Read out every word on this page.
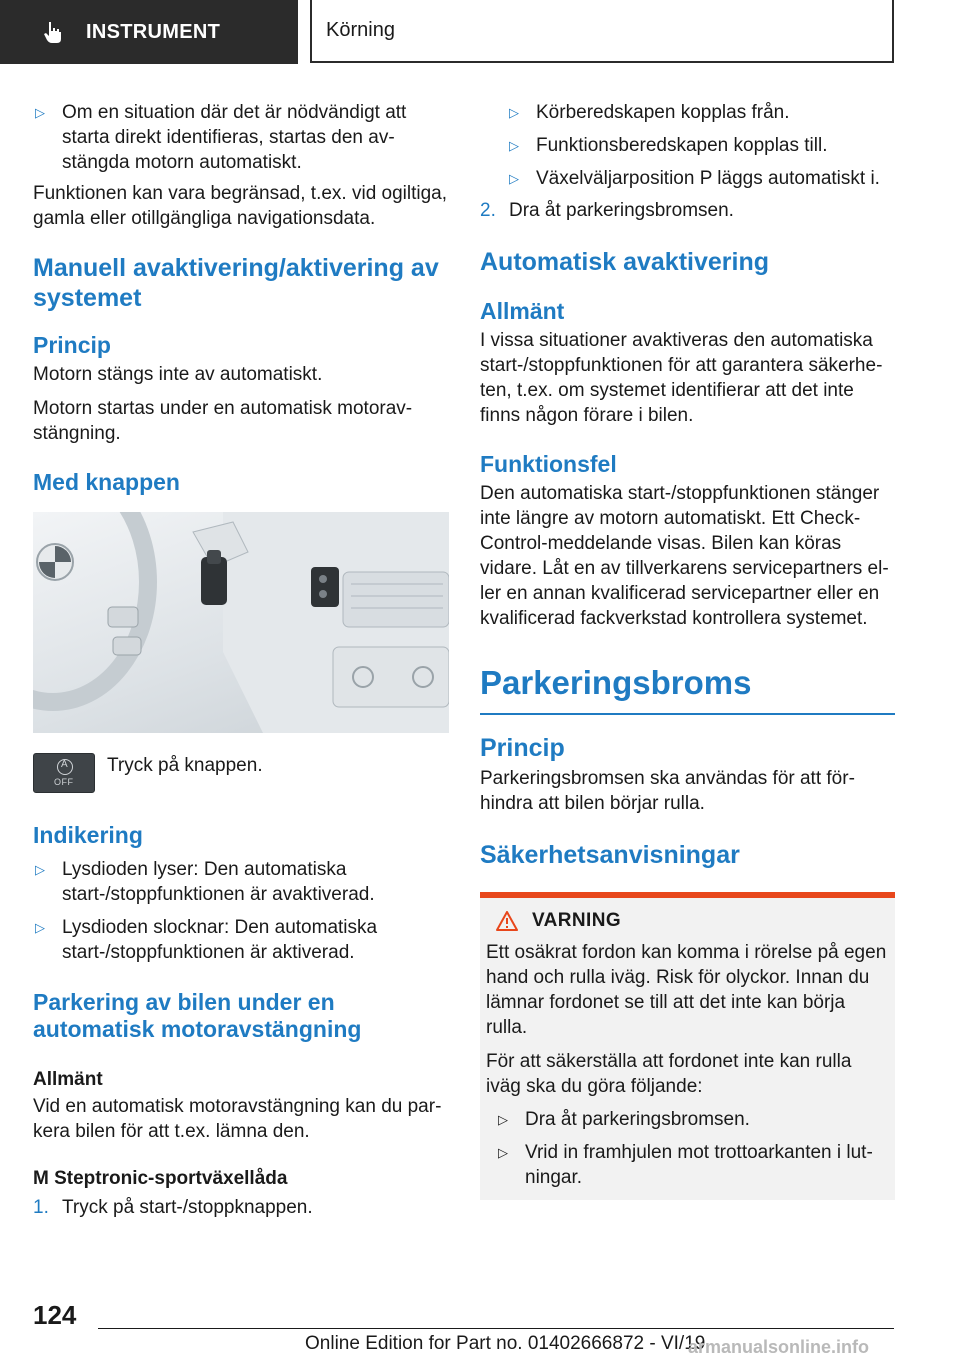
INSTRUMENT	Körning
▷ Om en situation där det är nödvändigt att starta direkt identifieras, startas den avstängda motorn automatiskt.

Funktionen kan vara begränsad, t.ex. vid ogiltiga, gamla eller otillgängliga navigationsdata.

Manuell avaktivering/aktivering av systemet
Princip

Motorn stängs inte av automatiskt.

Motorn startas under en automatisk motoravstängning.

Med knappen
A
OFF

Tryck på knappen.

Indikering
▷ Lysdioden lyser: Den automatiska start-/stoppfunktionen är avaktiverad.
▷ Lysdioden slocknar: Den automatiska start-/stoppfunktionen är aktiverad.
Parkering av bilen under en automatisk motoravstängning

Allmänt

Vid en automatisk motoravstängning kan du parkera bilen för att t.ex. lämna den.

M Steptronic-sportväxellåda

1. Tryck på start-/stoppknappen.
▷ Körberedskapen kopplas från.
▷ Funktionsberedskapen kopplas till.
▷ Växelväljarposition P läggs automatiskt i.
2. Dra åt parkeringsbromsen.
Automatisk avaktivering
Allmänt

I vissa situationer avaktiveras den automatiska start-/stoppfunktionen för att garantera säkerheten, t.ex. om systemet identifierar att det inte finns någon förare i bilen.

Funktionsfel

Den automatiska start-/stoppfunktionen stänger inte längre av motorn automatiskt. Ett Check-Control-meddelande visas. Bilen kan köras vidare. Låt en av tillverkarens servicepartners eller en annan kvalificerad servicepartner eller en kvalificerad fackverkstad kontrollera systemet.

Parkeringsbroms
Princip

Parkeringsbromsen ska användas för att förhindra att bilen börjar rulla.

Säkerhetsanvisningar
VARNING

Ett osäkrat fordon kan komma i rörelse på egen hand och rulla iväg. Risk för olyckor. Innan du lämnar fordonet se till att det inte kan börja rulla.

För att säkerställa att fordonet inte kan rulla iväg ska du göra följande:

▷ Dra åt parkeringsbromsen.
▷ Vrid in framhjulen mot trottoarkanten i lutningar.
124
Online Edition for Part no. 01402666872 - VI/19
armanualsonline.info
